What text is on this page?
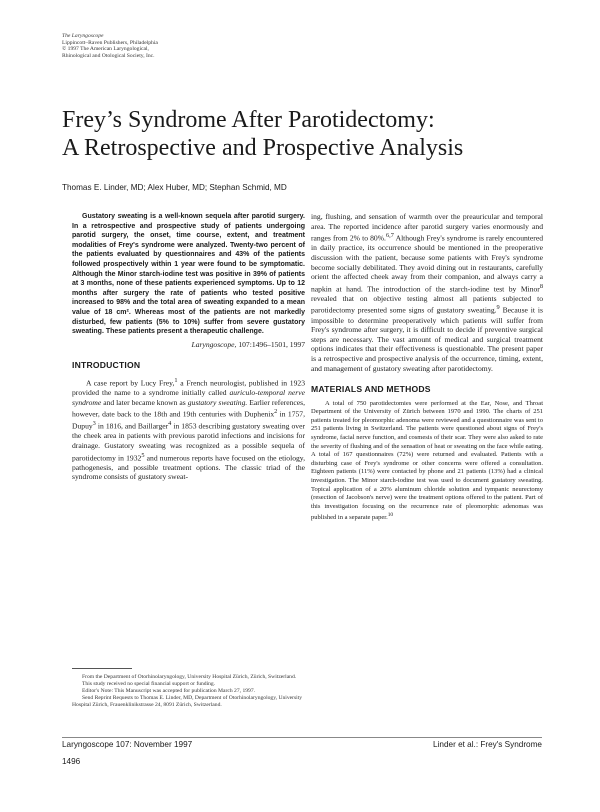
The Laryngoscope
Lippincott–Raven Publishers, Philadelphia
© 1997 The American Laryngological,
Rhinological and Otological Society, Inc.
Frey’s Syndrome After Parotidectomy:
A Retrospective and Prospective Analysis
Thomas E. Linder, MD; Alex Huber, MD; Stephan Schmid, MD

Gustatory sweating is a well-known sequela after parotid surgery. In a retrospective and prospective study of patients undergoing parotid surgery, the onset, time course, extent, and treatment modalities of Frey's syndrome were analyzed. Twenty-two percent of the patients evaluated by questionnaires and 43% of the patients followed prospectively within 1 year were found to be symptomatic. Although the Minor starch-iodine test was positive in 39% of patients at 3 months, none of these patients experienced symptoms. Up to 12 months after surgery the rate of patients who tested positive increased to 98% and the total area of sweating expanded to a mean value of 18 cm². Whereas most of the patients are not markedly disturbed, few patients (5% to 10%) suffer from severe gustatory sweating. These patients present a therapeutic challenge.

Laryngoscope, 107:1496–1501, 1997

INTRODUCTION

A case report by Lucy Frey,$^1$ a French neurologist, published in 1923 provided the name to a syndrome initially called auriculo-temporal nerve syndrome and later became known as gustatory sweating. Earlier references, however, date back to the 18th and 19th centuries with Duphenix$^2$ in 1757, Dupuy$^3$ in 1816, and Baillarger$^4$ in 1853 describing gustatory sweating over the cheek area in patients with previous parotid infections and incisions for drainage. Gustatory sweating was recognized as a possible sequela of parotidectomy in 1932$^5$ and numerous reports have focused on the etiology, pathogenesis, and possible treatment options. The classic triad of the syndrome consists of gustatory sweat-

ing, flushing, and sensation of warmth over the preauricular and temporal area. The reported incidence after parotid surgery varies enormously and ranges from 2% to 80%.$^{6,7}$ Although Frey's syndrome is rarely encountered in daily practice, its occurrence should be mentioned in the preoperative discussion with the patient, because some patients with Frey's syndrome become socially debilitated. They avoid dining out in restaurants, carefully orient the affected cheek away from their companion, and always carry a napkin at hand. The introduction of the starch-iodine test by Minor$^8$ revealed that on objective testing almost all patients subjected to parotidectomy presented some signs of gustatory sweating.$^9$ Because it is impossible to determine preoperatively which patients will suffer from Frey's syndrome after surgery, it is difficult to decide if preventive surgical steps are necessary. The vast amount of medical and surgical treatment options indicates that their effectiveness is questionable. The present paper is a retrospective and prospective analysis of the occurrence, timing, extent, and management of gustatory sweating after parotidectomy.

MATERIALS AND METHODS

A total of 750 parotidectomies were performed at the Ear, Nose, and Throat Department of the University of Zürich between 1970 and 1990. The charts of 251 patients treated for pleomorphic adenoma were reviewed and a questionnaire was sent to 251 patients living in Switzerland. The patients were questioned about signs of Frey's syndrome, facial nerve function, and cosmesis of their scar. They were also asked to rate the severity of flushing and of the sensation of heat or sweating on the face while eating. A total of 167 questionnaires (72%) were returned and evaluated. Patients with a disturbing case of Frey's syndrome or other concerns were offered a consultation. Eighteen patients (11%) were contacted by phone and 21 patients (13%) had a clinical investigation. The Minor starch-iodine test was used to document gustatory sweating. Topical application of a 20% aluminum chloride solution and tympanic neurectomy (resection of Jacobson's nerve) were the treatment options offered to the patient. Part of this investigation focusing on the recurrence rate of pleomorphic adenomas was published in a separate paper.$^{10}$

From the Department of Otorhinolaryngology, University Hospital Zürich, Zürich, Switzerland.

This study received no special financial support or funding.

Editor's Note: This Manuscript was accepted for publication March 27, 1997.

Send Reprint Requests to Thomas E. Linder, MD, Department of Otorhinolaryngology, University Hospital Zürich, Frauenklinikstrasse 24, 8091 Zürich, Switzerland.

Laryngoscope 107: November 1997	Linder et al.: Frey's Syndrome
1496
